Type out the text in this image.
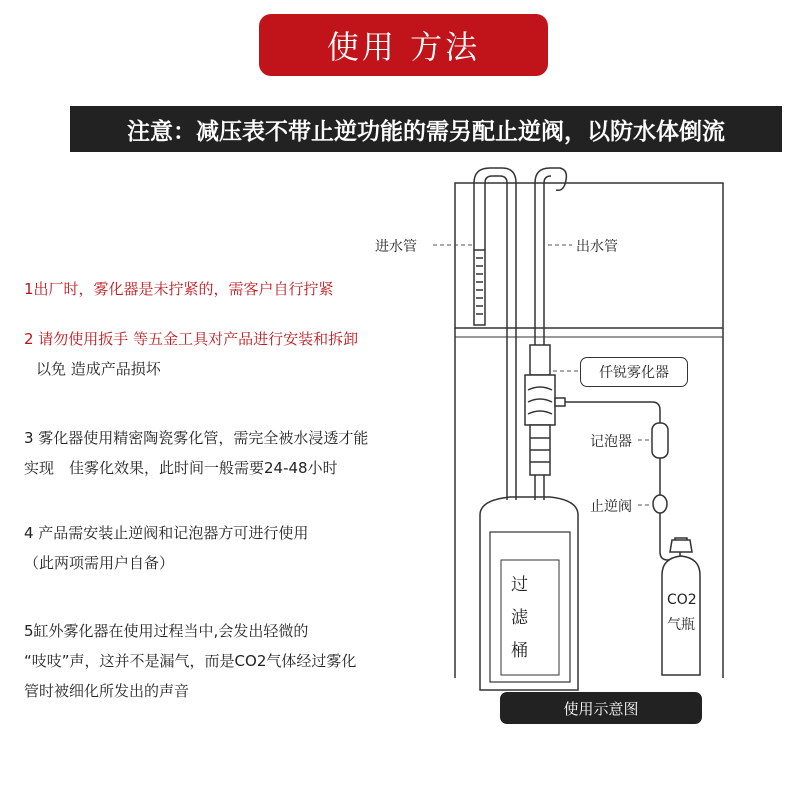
使用 方法
注意：减压表不带止逆功能的需另配止逆阀，以防水体倒流
1出厂时，雾化器是未拧紧的，需客户自行拧紧
2 请勿使用扳手 等五金工具对产品进行安装和拆卸
以免 造成产品损坏
3 雾化器使用精密陶瓷雾化管，需完全被水浸透才能
实现　佳雾化效果，此时间一般需要24-48小时
4 产品需安装止逆阀和记泡器方可进行使用
（此两项需用户自备）
5缸外雾化器在使用过程当中,会发出轻微的
“吱吱”声，这并不是漏气，而是CO2气体经过雾化
管时被细化所发出的声音
进水管	出水管
仟锐雾化器
记泡器
止逆阀
过
滤
桶
CO2
气瓶
使用示意图
